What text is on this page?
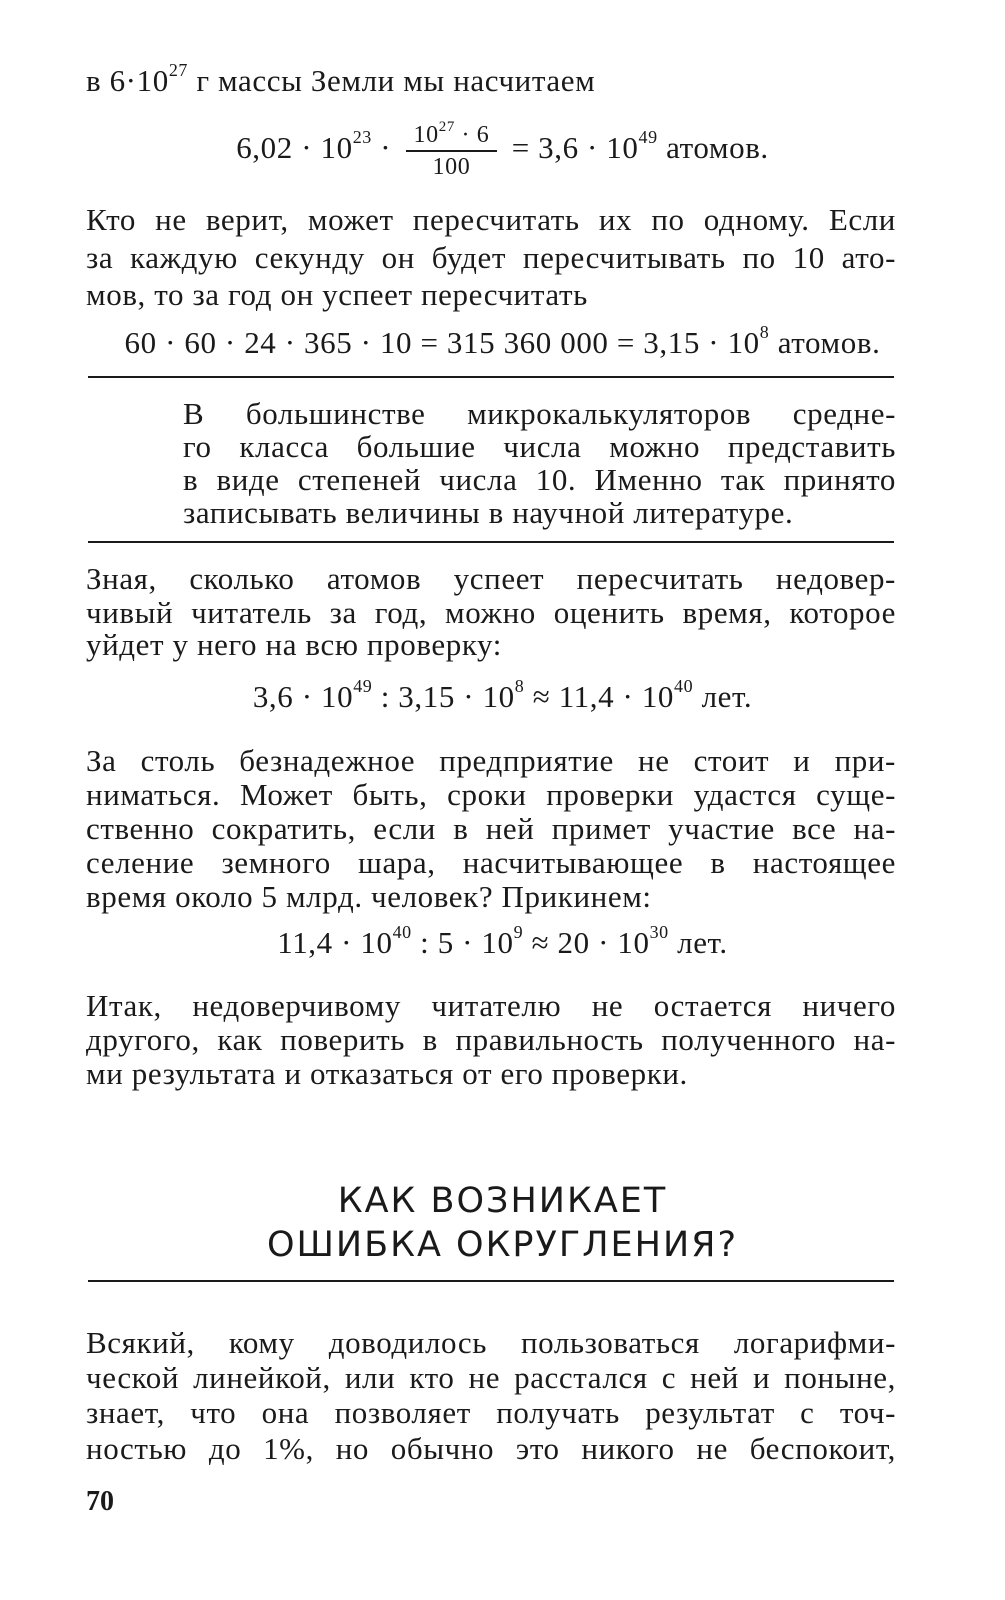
в $6\cdot 10^{27}$ г массы Земли мы насчитаем
$6,02 \cdot 10^{23} \cdot \frac{10^{27} \cdot 6}{100} = 3,6 \cdot 10^{49}$ атомов.
Кто не верит, может пересчитать их по одному. Если
за каждую секунду он будет пересчитывать по 10 ато-
мов, то за год он успеет пересчитать
60 · 60 · 24 · 365 · 10 = 315 360 $000 = 3,15 \cdot 10^8$ атомов.
В большинстве микрокалькуляторов средне-
го класса большие числа можно представить
в виде степеней числа 10. Именно так принято
записывать величины в научной литературе.
Зная, сколько атомов успеет пересчитать недовер-
чивый читатель за год, можно оценить время, которое
уйдет у него на всю проверку:
$3,6 \cdot 10^{49}$ : $3,15 \cdot 10^8 \approx 11,4 \cdot 10^{40}$ лет.
За столь безнадежное предприятие не стоит и при-
ниматься. Может быть, сроки проверки удастся суще-
ственно сократить, если в ней примет участие все на-
селение земного шара, насчитывающее в настоящее
время около 5 млрд. человек? Прикинем:
$11,4 \cdot 10^{40}$ : $5 \cdot 10^9 \approx 20 \cdot 10^{30}$ лет.
Итак, недоверчивому читателю не остается ничего
другого, как поверить в правильность полученного на-
ми результата и отказаться от его проверки.
КАК ВОЗНИКАЕТ
ОШИБКА ОКРУГЛЕНИЯ?
Всякий, кому доводилось пользоваться логарифми-
ческой линейкой, или кто не расстался с ней и поныне,
знает, что она позволяет получать результат с точ-
ностью до 1%, но обычно это никого не беспокоит,
70
